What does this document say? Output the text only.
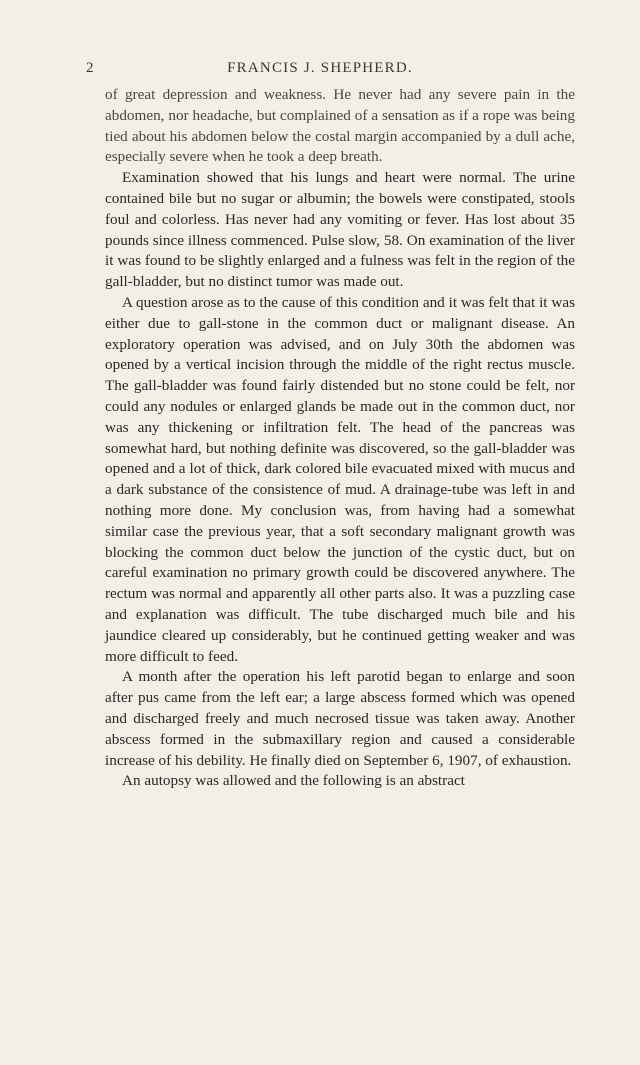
2	FRANCIS J. SHEPHERD.

of great depression and weakness. He never had any severe pain in the abdomen, nor headache, but complained of a sensation as if a rope was being tied about his abdomen below the costal margin accompanied by a dull ache, especially severe when he took a deep breath.

Examination showed that his lungs and heart were normal. The urine contained bile but no sugar or albumin; the bowels were constipated, stools foul and colorless. Has never had any vomiting or fever. Has lost about 35 pounds since illness commenced. Pulse slow, 58. On examination of the liver it was found to be slightly enlarged and a fulness was felt in the region of the gall-bladder, but no distinct tumor was made out.

A question arose as to the cause of this condition and it was felt that it was either due to gall-stone in the common duct or malignant disease. An exploratory operation was advised, and on July 30th the abdomen was opened by a vertical incision through the middle of the right rectus muscle. The gall-bladder was found fairly distended but no stone could be felt, nor could any nodules or enlarged glands be made out in the common duct, nor was any thickening or infiltration felt. The head of the pancreas was somewhat hard, but nothing definite was discovered, so the gall-bladder was opened and a lot of thick, dark colored bile evacuated mixed with mucus and a dark substance of the consistence of mud. A drainage-tube was left in and nothing more done. My conclusion was, from having had a somewhat similar case the previous year, that a soft secondary malignant growth was blocking the common duct below the junction of the cystic duct, but on careful examination no primary growth could be discovered anywhere. The rectum was normal and apparently all other parts also. It was a puzzling case and explanation was difficult. The tube discharged much bile and his jaundice cleared up considerably, but he continued getting weaker and was more difficult to feed.

A month after the operation his left parotid began to enlarge and soon after pus came from the left ear; a large abscess formed which was opened and discharged freely and much necrosed tissue was taken away. Another abscess formed in the submaxillary region and caused a considerable increase of his debility. He finally died on September 6, 1907, of exhaustion.

An autopsy was allowed and the following is an abstract
